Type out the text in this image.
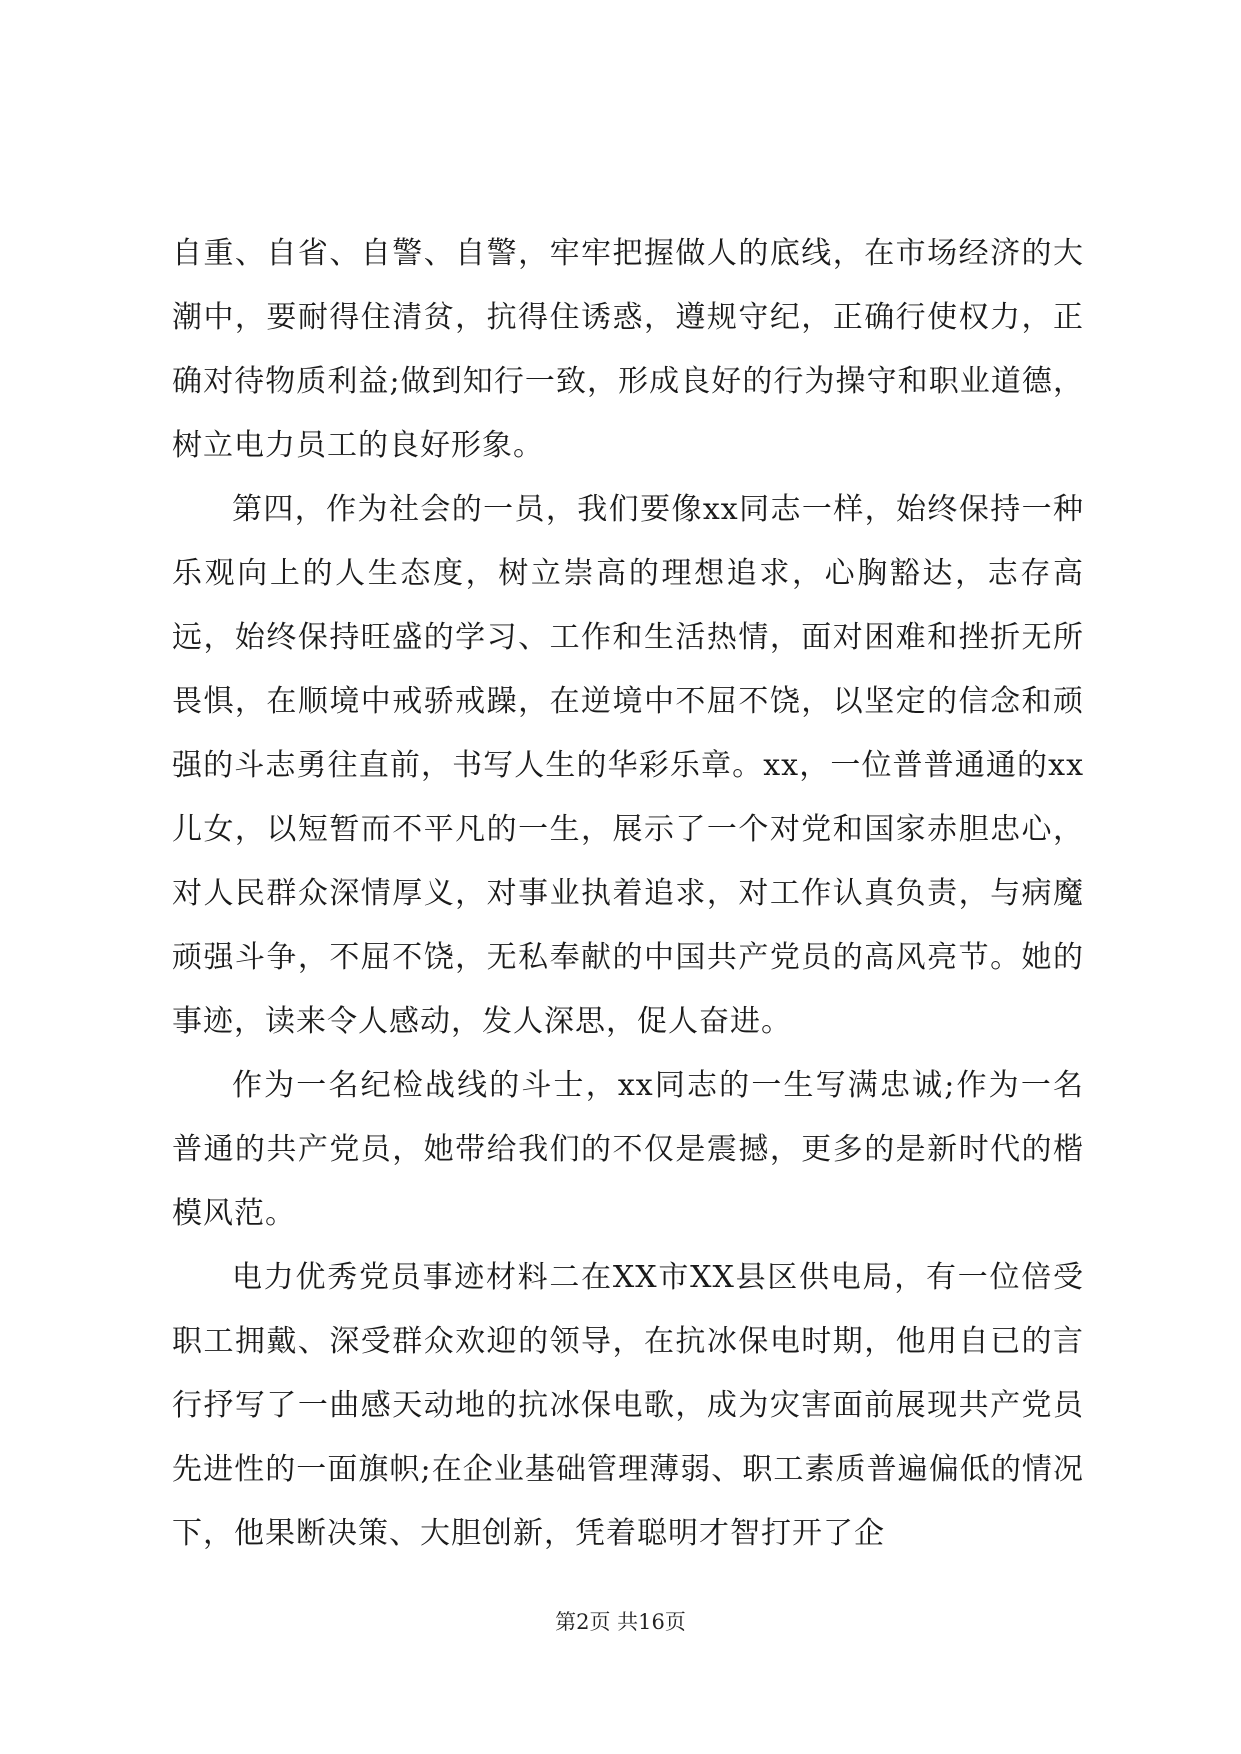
自重、自省、自警、自警，牢牢把握做人的底线，在市场经济的大潮中，要耐得住清贫，抗得住诱惑，遵规守纪，正确行使权力，正确对待物质利益;做到知行一致，形成良好的行为操守和职业道德，树立电力员工的良好形象。

第四，作为社会的一员，我们要像xx同志一样，始终保持一种乐观向上的人生态度，树立崇高的理想追求，心胸豁达，志存高远，始终保持旺盛的学习、工作和生活热情，面对困难和挫折无所畏惧，在顺境中戒骄戒躁，在逆境中不屈不饶，以坚定的信念和顽强的斗志勇往直前，书写人生的华彩乐章。xx，一位普普通通的xx儿女，以短暂而不平凡的一生，展示了一个对党和国家赤胆忠心，对人民群众深情厚义，对事业执着追求，对工作认真负责，与病魔顽强斗争，不屈不饶，无私奉献的中国共产党员的高风亮节。她的事迹，读来令人感动，发人深思，促人奋进。

作为一名纪检战线的斗士，xx同志的一生写满忠诚;作为一名普通的共产党员，她带给我们的不仅是震撼，更多的是新时代的楷模风范。

电力优秀党员事迹材料二在XX市XX县区供电局，有一位倍受职工拥戴、深受群众欢迎的领导，在抗冰保电时期，他用自已的言行抒写了一曲感天动地的抗冰保电歌，成为灾害面前展现共产党员先进性的一面旗帜;在企业基础管理薄弱、职工素质普遍偏低的情况下，他果断决策、大胆创新，凭着聪明才智打开了企

第2页 共16页
